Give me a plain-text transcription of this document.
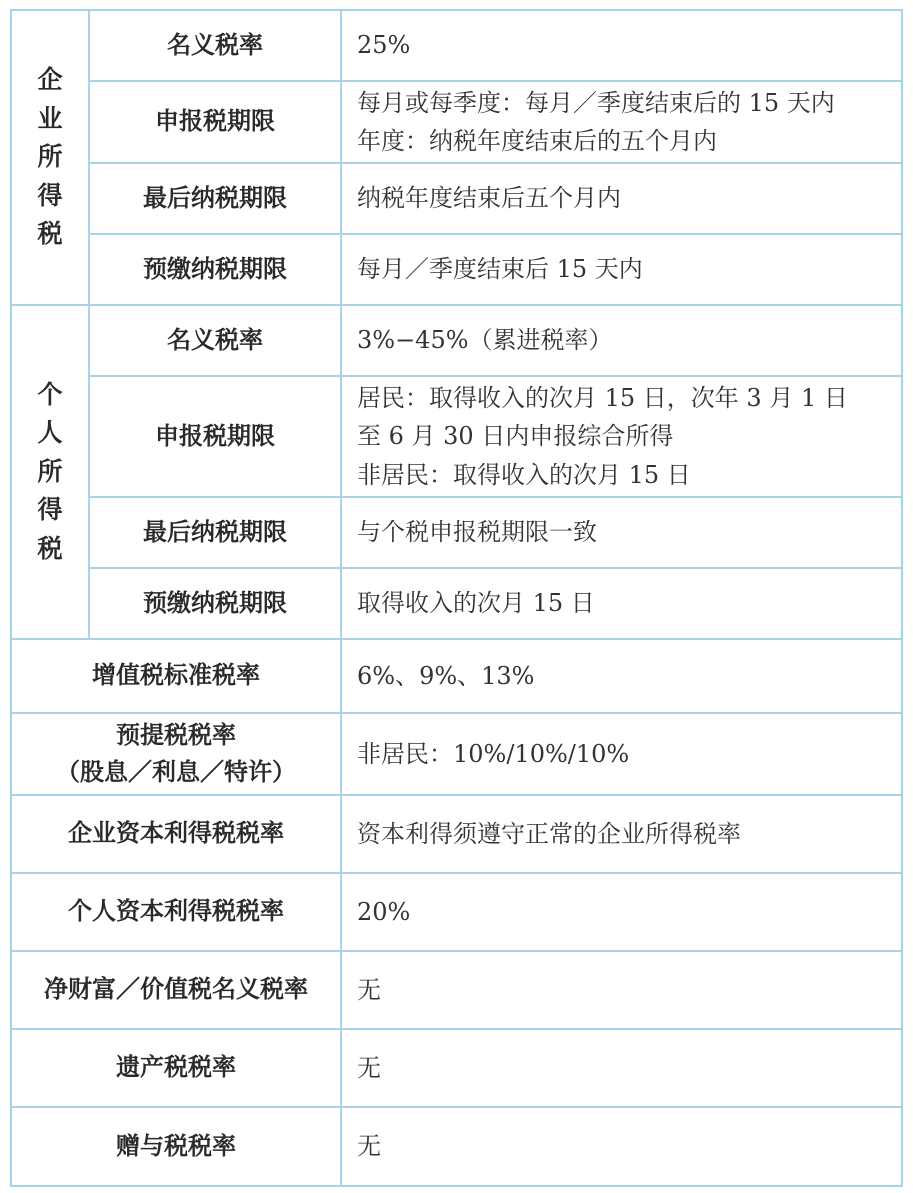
企业所得税	名义税率	25%

	申报税期限	每月或每季度：每月／季度结束后的 15 天内
年度：纳税年度结束后的五个月内

	最后纳税期限	纳税年度结束后五个月内

	预缴纳税期限	每月／季度结束后 15 天内

个人所得税	名义税率	3%−45%（累进税率）

	申报税期限	居民：取得收入的次月 15 日，次年 3 月 1 日
至 6 月 30 日内申报综合所得
非居民：取得收入的次月 15 日

	最后纳税期限	与个税申报税期限一致

	预缴纳税期限	取得收入的次月 15 日

增值税标准税率		6%、9%、13%

预提税税率
（股息／利息／特许）		非居民：10%/10%/10%

企业资本利得税税率		资本利得须遵守正常的企业所得税率

个人资本利得税税率		20%

净财富／价值税名义税率		无

遗产税税率		无

赠与税税率		无
